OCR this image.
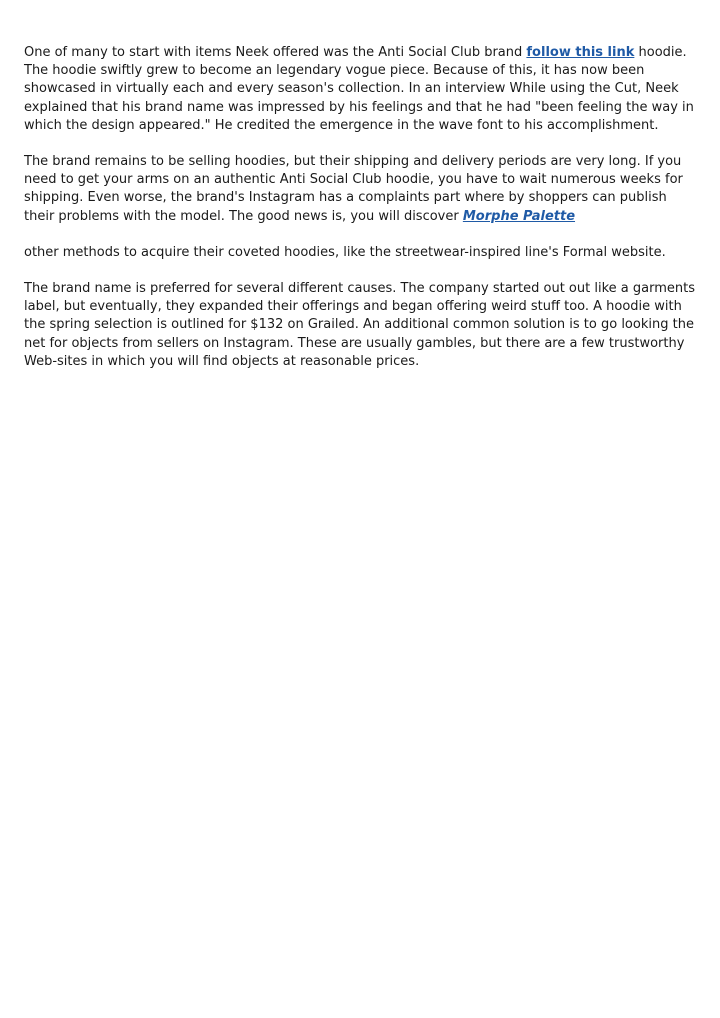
One of many to start with items Neek offered was the Anti Social Club brand follow this link hoodie. The hoodie swiftly grew to become an legendary vogue piece. Because of this, it has now been showcased in virtually each and every season's collection. In an interview While using the Cut, Neek explained that his brand name was impressed by his feelings and that he had "been feeling the way in which the design appeared." He credited the emergence in the wave font to his accomplishment.

The brand remains to be selling hoodies, but their shipping and delivery periods are very long. If you need to get your arms on an authentic Anti Social Club hoodie, you have to wait numerous weeks for shipping. Even worse, the brand's Instagram has a complaints part where by shoppers can publish their problems with the model. The good news is, you will discover Morphe Palette

other methods to acquire their coveted hoodies, like the streetwear-inspired line's Formal website.

The brand name is preferred for several different causes. The company started out out like a garments label, but eventually, they expanded their offerings and began offering weird stuff too. A hoodie with the spring selection is outlined for $132 on Grailed. An additional common solution is to go looking the net for objects from sellers on Instagram. These are usually gambles, but there are a few trustworthy Web-sites in which you will find objects at reasonable prices.
